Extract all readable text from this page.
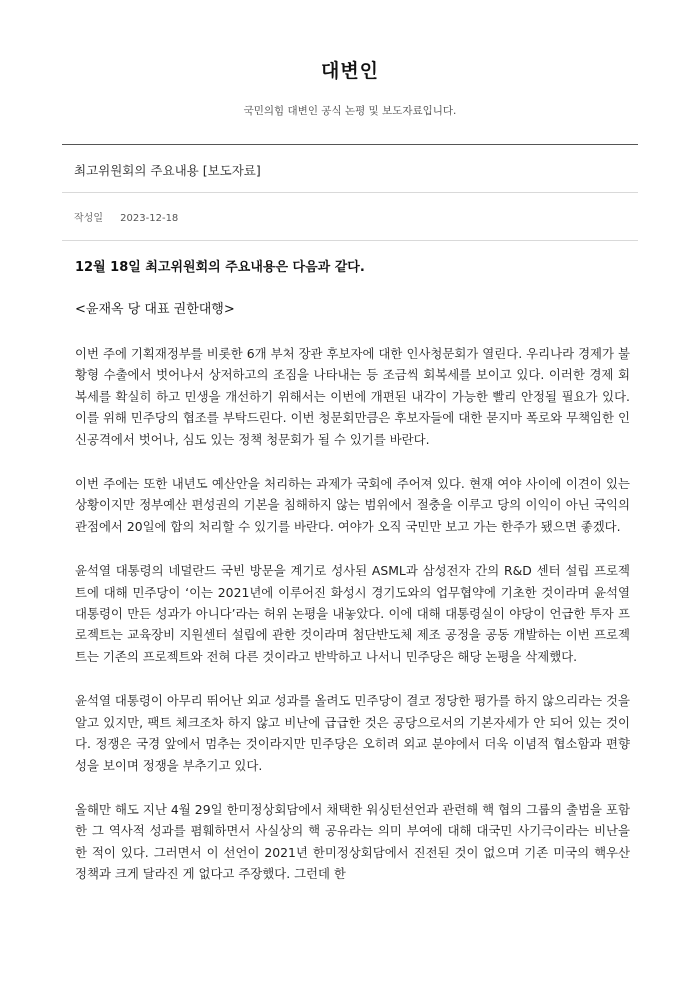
대변인
국민의힘 대변인 공식 논평 및 보도자료입니다.
최고위원회의 주요내용 [보도자료]
작성일 2023-12-18

12월 18일 최고위원회의 주요내용은 다음과 같다.

<윤재옥 당 대표 권한대행>

이번 주에 기획재정부를 비롯한 6개 부처 장관 후보자에 대한 인사청문회가 열린다. 우리나라 경제가 불황형 수출에서 벗어나서 상저하고의 조짐을 나타내는 등 조금씩 회복세를 보이고 있다. 이러한 경제 회복세를 확실히 하고 민생을 개선하기 위해서는 이번에 개편된 내각이 가능한 빨리 안정될 필요가 있다. 이를 위해 민주당의 협조를 부탁드린다. 이번 청문회만큼은 후보자들에 대한 묻지마 폭로와 무책임한 인신공격에서 벗어나, 심도 있는 정책 청문회가 될 수 있기를 바란다.

이번 주에는 또한 내년도 예산안을 처리하는 과제가 국회에 주어져 있다. 현재 여야 사이에 이견이 있는 상황이지만 정부예산 편성권의 기본을 침해하지 않는 범위에서 절충을 이루고 당의 이익이 아닌 국익의 관점에서 20일에 합의 처리할 수 있기를 바란다. 여야가 오직 국민만 보고 가는 한주가 됐으면 좋겠다.

윤석열 대통령의 네덜란드 국빈 방문을 계기로 성사된 ASML과 삼성전자 간의 R&D 센터 설립 프로젝트에 대해 민주당이 ‘이는 2021년에 이루어진 화성시 경기도와의 업무협약에 기초한 것이라며 윤석열 대통령이 만든 성과가 아니다’라는 허위 논평을 내놓았다. 이에 대해 대통령실이 야당이 언급한 투자 프로젝트는 교육장비 지원센터 설립에 관한 것이라며 첨단반도체 제조 공정을 공동 개발하는 이번 프로젝트는 기존의 프로젝트와 전혀 다른 것이라고 반박하고 나서니 민주당은 해당 논평을 삭제했다.

윤석열 대통령이 아무리 뛰어난 외교 성과를 올려도 민주당이 결코 정당한 평가를 하지 않으리라는 것을 알고 있지만, 팩트 체크조차 하지 않고 비난에 급급한 것은 공당으로서의 기본자세가 안 되어 있는 것이다. 정쟁은 국경 앞에서 멈추는 것이라지만 민주당은 오히려 외교 분야에서 더욱 이념적 협소함과 편향성을 보이며 정쟁을 부추기고 있다.

올해만 해도 지난 4월 29일 한미정상회담에서 채택한 워싱턴선언과 관련해 핵 협의 그룹의 출범을 포함한 그 역사적 성과를 폄훼하면서 사실상의 핵 공유라는 의미 부여에 대해 대국민 사기극이라는 비난을 한 적이 있다. 그러면서 이 선언이 2021년 한미정상회담에서 진전된 것이 없으며 기존 미국의 핵우산 정책과 크게 달라진 게 없다고 주장했다. 그런데 한
